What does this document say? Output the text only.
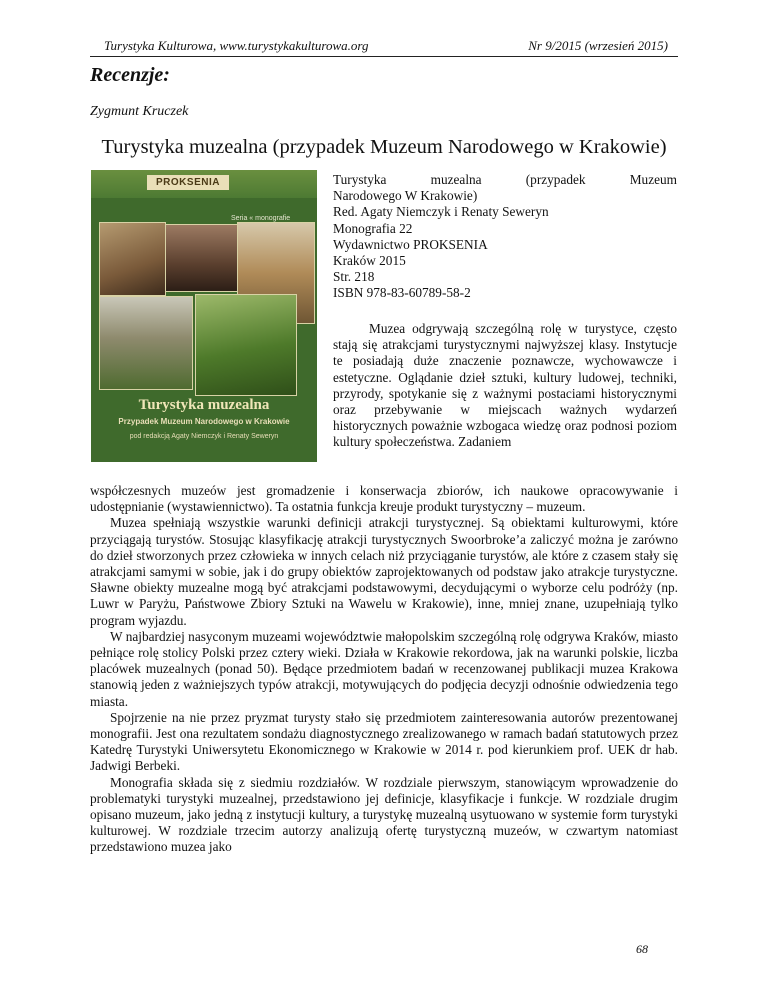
Turystyka Kulturowa, www.turystykakulturowa.org	Nr 9/2015 (wrzesień 2015)
Recenzje:
Zygmunt Kruczek
Turystyka muzealna (przypadek Muzeum Narodowego w Krakowie)
PROKSENIA
Seria « monografie
Turystyka muzealna
Przypadek Muzeum Narodowego w Krakowie
pod redakcją Agaty Niemczyk i Renaty Seweryn
Turystyka muzealna (przypadek Muzeum
Narodowego W Krakowie)
Red. Agaty Niemczyk i Renaty Seweryn
Monografia 22
Wydawnictwo PROKSENIA
Kraków 2015
Str. 218
ISBN 978-83-60789-58-2

Muzea odgrywają szczególną rolę w turystyce, często stają się atrakcjami turystycznymi najwyższej klasy. Instytucje te posiadają duże znaczenie poznawcze, wychowawcze i estetyczne. Oglądanie dzieł sztuki, kultury ludowej, techniki, przyrody, spotykanie się z ważnymi postaciami historycznymi oraz przebywanie w miejscach ważnych wydarzeń historycznych poważnie wzbogaca wiedzę oraz podnosi poziom kultury społeczeństwa. Zadaniem

współczesnych muzeów jest gromadzenie i konserwacja zbiorów, ich naukowe opracowywanie i udostępnianie (wystawiennictwo). Ta ostatnia funkcja kreuje produkt turystyczny – muzeum.

Muzea spełniają wszystkie warunki definicji atrakcji turystycznej. Są obiektami kulturowymi, które przyciągają turystów. Stosując klasyfikację atrakcji turystycznych Swoorbroke’a zaliczyć można je zarówno do dzieł stworzonych przez człowieka w innych celach niż przyciąganie turystów, ale które z czasem stały się atrakcjami samymi w sobie, jak i do grupy obiektów zaprojektowanych od podstaw jako atrakcje turystyczne. Sławne obiekty muzealne mogą być atrakcjami podstawowymi, decydującymi o wyborze celu podróży (np. Luwr w Paryżu, Państwowe Zbiory Sztuki na Wawelu w Krakowie), inne, mniej znane, uzupełniają tylko program wyjazdu.

W najbardziej nasyconym muzeami województwie małopolskim szczególną rolę odgrywa Kraków, miasto pełniące rolę stolicy Polski przez cztery wieki. Działa w Krakowie rekordowa, jak na warunki polskie, liczba placówek muzealnych (ponad 50). Będące przedmiotem badań w recenzowanej publikacji muzea Krakowa stanowią jeden z ważniejszych typów atrakcji, motywujących do podjęcia decyzji odnośnie odwiedzenia tego miasta.

Spojrzenie na nie przez pryzmat turysty stało się przedmiotem zainteresowania autorów prezentowanej monografii. Jest ona rezultatem sondażu diagnostycznego zrealizowanego w ramach badań statutowych przez Katedrę Turystyki Uniwersytetu Ekonomicznego w Krakowie w 2014 r. pod kierunkiem prof. UEK dr hab. Jadwigi Berbeki.

Monografia składa się z siedmiu rozdziałów. W rozdziale pierwszym, stanowiącym wprowadzenie do problematyki turystyki muzealnej, przedstawiono jej definicje, klasyfikacje i funkcje. W rozdziale drugim opisano muzeum, jako jedną z instytucji kultury, a turystykę muzealną usytuowano w systemie form turystyki kulturowej. W rozdziale trzecim autorzy analizują ofertę turystyczną muzeów, w czwartym natomiast przedstawiono muzea jako

68
